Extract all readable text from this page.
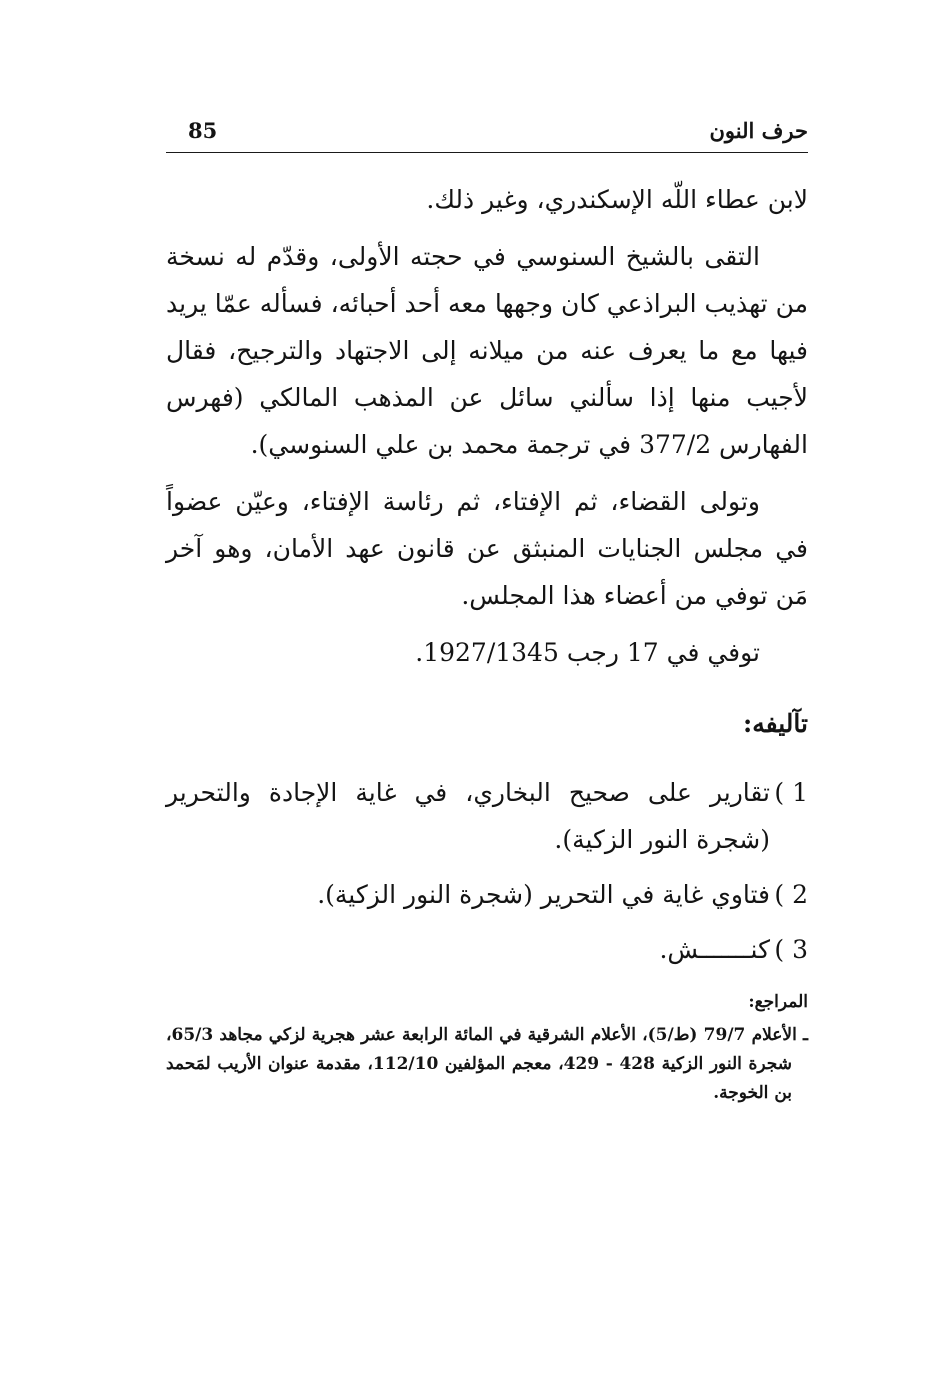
85	حرف النون

لابن عطاء اللّه الإسكندري، وغير ذلك.

التقى بالشيخ السنوسي في حجته الأولى، وقدّم له نسخة من تهذيب البراذعي كان وجهها معه أحد أحبائه، فسأله عمّا يريد فيها مع ما يعرف عنه من ميلانه إلى الاجتهاد والترجيح، فقال لأجيب منها إذا سألني سائل عن المذهب المالكي (فهرس الفهارس 377/2 في ترجمة محمد بن علي السنوسي).

وتولى القضاء، ثم الإفتاء، ثم رئاسة الإفتاء، وعيّن عضواً في مجلس الجنايات المنبثق عن قانون عهد الأمان، وهو آخر مَن توفي من أعضاء هذا المجلس.

توفي في 17 رجب 1927/1345.

تآليفه:

1 )
تقارير على صحيح البخاري، في غاية الإجادة والتحرير (شجرة النور الزكية).
2 )
فتاوي غاية في التحرير (شجرة النور الزكية).
3 )
كنـــــــش.

المراجع:

ـ الأعلام 79/7 (ط/5)، الأعلام الشرقية في المائة الرابعة عشر هجرية لزكي مجاهد 65/3، شجرة النور الزكية 428 - 429، معجم المؤلفين 112/10، مقدمة عنوان الأريب لمَحمد بن الخوجة.
